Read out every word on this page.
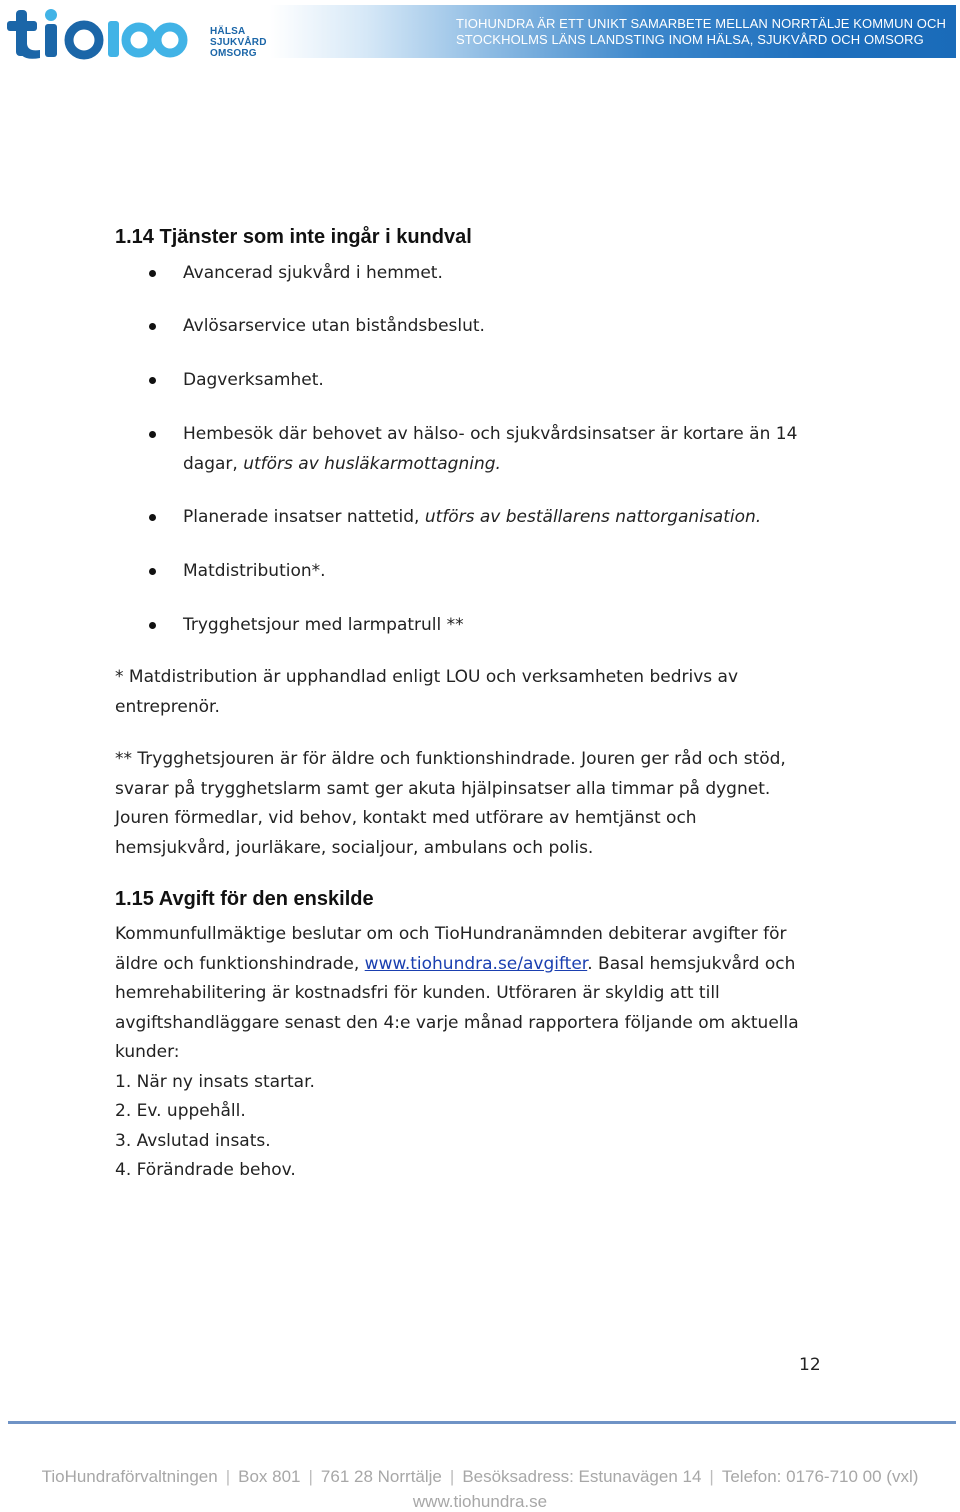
HÄLSA
SJUKVÅRD
OMSORG
TIOHUNDRA ÄR ETT UNIKT SAMARBETE MELLAN NORRTÄLJE KOMMUN OCH
STOCKHOLMS LÄNS LANDSTING INOM HÄLSA, SJUKVÅRD OCH OMSORG
1.14 Tjänster som inte ingår i kundval
Avancerad sjukvård i hemmet.
Avlösarservice utan biståndsbeslut.
Dagverksamhet.
Hembesök där behovet av hälso- och sjukvårdsinsatser är kortare än 14
dagar, utförs av husläkarmottagning.
Planerade insatser nattetid, utförs av beställarens nattorganisation.
Matdistribution*.
Trygghetsjour med larmpatrull **
* Matdistribution är upphandlad enligt LOU och verksamheten bedrivs av
entreprenör.
** Trygghetsjouren är för äldre och funktionshindrade. Jouren ger råd och stöd,
svarar på trygghetslarm samt ger akuta hjälpinsatser alla timmar på dygnet.
Jouren förmedlar, vid behov, kontakt med utförare av hemtjänst och
hemsjukvård, jourläkare, socialjour, ambulans och polis.
1.15 Avgift för den enskilde
Kommunfullmäktige beslutar om och TioHundranämnden debiterar avgifter för
äldre och funktionshindrade, www.tiohundra.se/avgifter. Basal hemsjukvård och
hemrehabilitering är kostnadsfri för kunden. Utföraren är skyldig att till
avgiftshandläggare senast den 4:e varje månad rapportera följande om aktuella
kunder:
1. När ny insats startar.
2. Ev. uppehåll.
3. Avslutad insats.
4. Förändrade behov.
12
TioHundraförvaltningen | Box 801 | 761 28 Norrtälje | Besöksadress: Estunavägen 14 | Telefon: 0176-710 00 (vxl)
www.tiohundra.se
